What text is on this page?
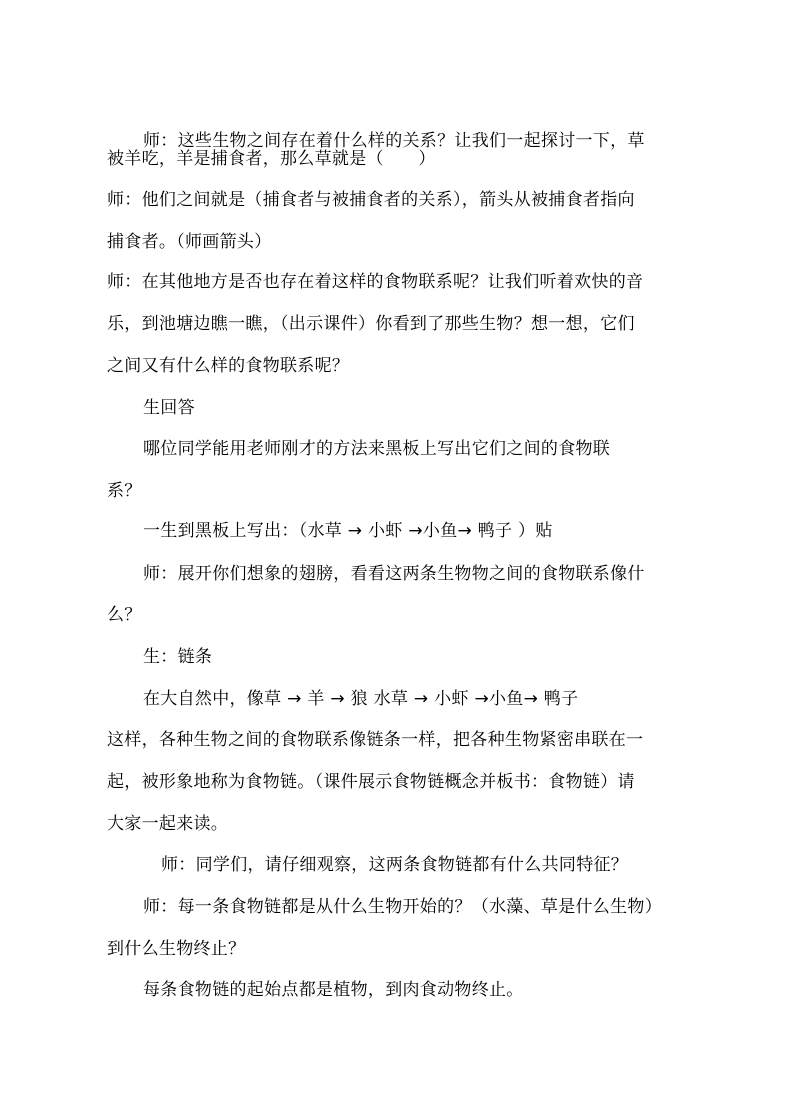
师：这些生物之间存在着什么样的关系？让我们一起探讨一下，草
被羊吃，羊是捕食者，那么草就是（　　）
师：他们之间就是（捕食者与被捕食者的关系），箭头从被捕食者指向
捕食者。（师画箭头）
师：在其他地方是否也存在着这样的食物联系呢？让我们听着欢快的音
乐，到池塘边瞧一瞧，（出示课件）你看到了那些生物？想一想，它们
之间又有什么样的食物联系呢？
生回答
哪位同学能用老师刚才的方法来黑板上写出它们之间的食物联
系？
一生到黑板上写出：（水草 → 小虾 →小鱼→ 鸭子 ）贴
师：展开你们想象的翅膀，看看这两条生物物之间的食物联系像什
么？
生：链条
在大自然中，像草 → 羊 → 狼 水草 → 小虾 →小鱼→ 鸭子
这样，各种生物之间的食物联系像链条一样，把各种生物紧密串联在一
起，被形象地称为食物链。（课件展示食物链概念并板书：食物链）请
大家一起来读。
师：同学们，请仔细观察，这两条食物链都有什么共同特征？
师：每一条食物链都是从什么生物开始的？（水藻、草是什么生物）
到什么生物终止？
每条食物链的起始点都是植物，到肉食动物终止。
